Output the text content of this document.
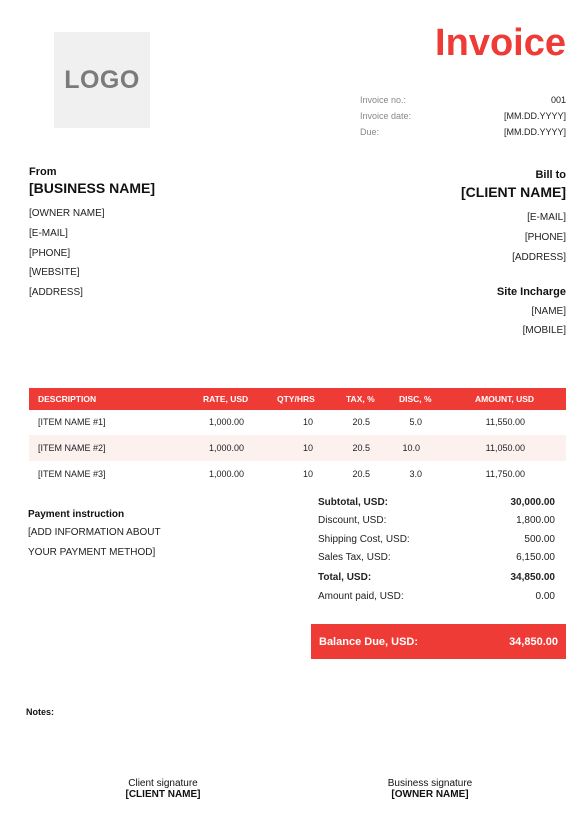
LOGO
Invoice
Invoice no.:	001
Invoice date:	[MM.DD.YYYY]
Due:	[MM.DD.YYYY]
From
[BUSINESS NAME]
[OWNER NAME]
[E-MAIL]
[PHONE]
[WEBSITE]
[ADDRESS]
Bill to
[CLIENT NAME]
[E-MAIL]
[PHONE]
[ADDRESS]
Site Incharge
[NAME]
[MOBILE]
DESCRIPTION	RATE, USD	QTY/HRS	TAX, %	DISC, %	AMOUNT, USD
[ITEM NAME #1]	1,000.00	10	20.5	5.0	11,550.00
[ITEM NAME #2]	1,000.00	10	20.5	10.0	11,050.00
[ITEM NAME #3]	1,000.00	10	20.5	3.0	11,750.00
Payment instruction
[ADD INFORMATION ABOUT
YOUR PAYMENT METHOD]
Subtotal, USD:	30,000.00
Discount, USD:	1,800.00
Shipping Cost, USD:	500.00
Sales Tax, USD:	6,150.00
Total, USD:	34,850.00
Amount paid, USD:	0.00
Balance Due, USD:	34,850.00
Notes:
Client signature
[CLIENT NAME]
Business signature
[OWNER NAME]
